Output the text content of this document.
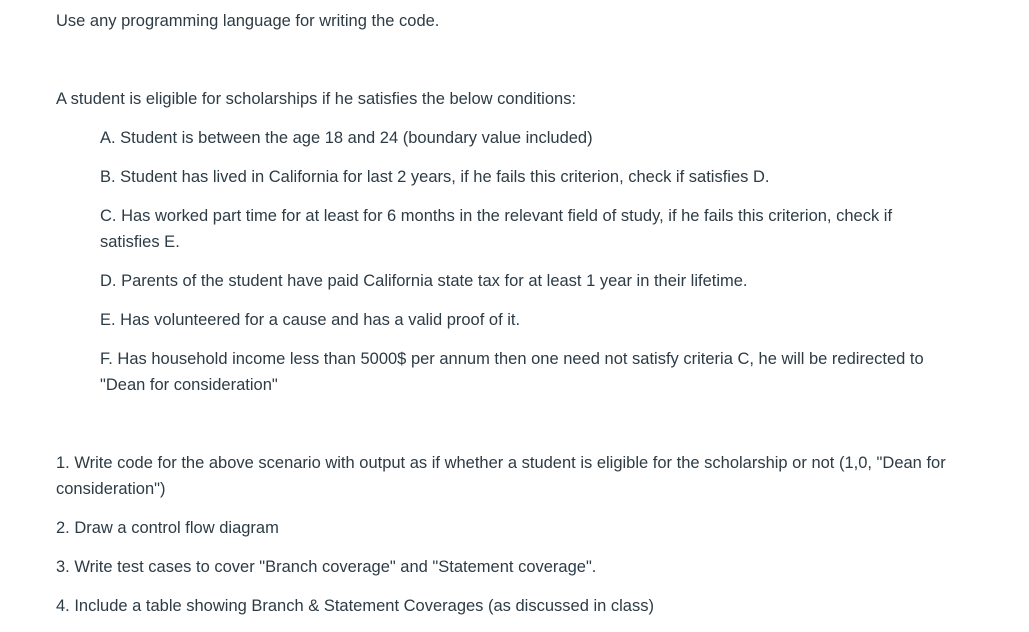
Use any programming language for writing the code.

A student is eligible for scholarships if he satisfies the below conditions:

A. Student is between the age 18 and 24 (boundary value included)
B. Student has lived in California for last 2 years, if he fails this criterion, check if satisfies D.
C. Has worked part time for at least for 6 months in the relevant field of study, if he fails this criterion, check if satisfies E.
D. Parents of the student have paid California state tax for at least 1 year in their lifetime.
E. Has volunteered for a cause and has a valid proof of it.
F. Has household income less than 5000$ per annum then one need not satisfy criteria C, he will be redirected to "Dean for consideration"
1. Write code for the above scenario with output as if whether a student is eligible for the scholarship or not (1,0, "Dean for consideration")
2. Draw a control flow diagram
3. Write test cases to cover "Branch coverage" and "Statement coverage".
4. Include a table showing Branch & Statement Coverages (as discussed in class)
